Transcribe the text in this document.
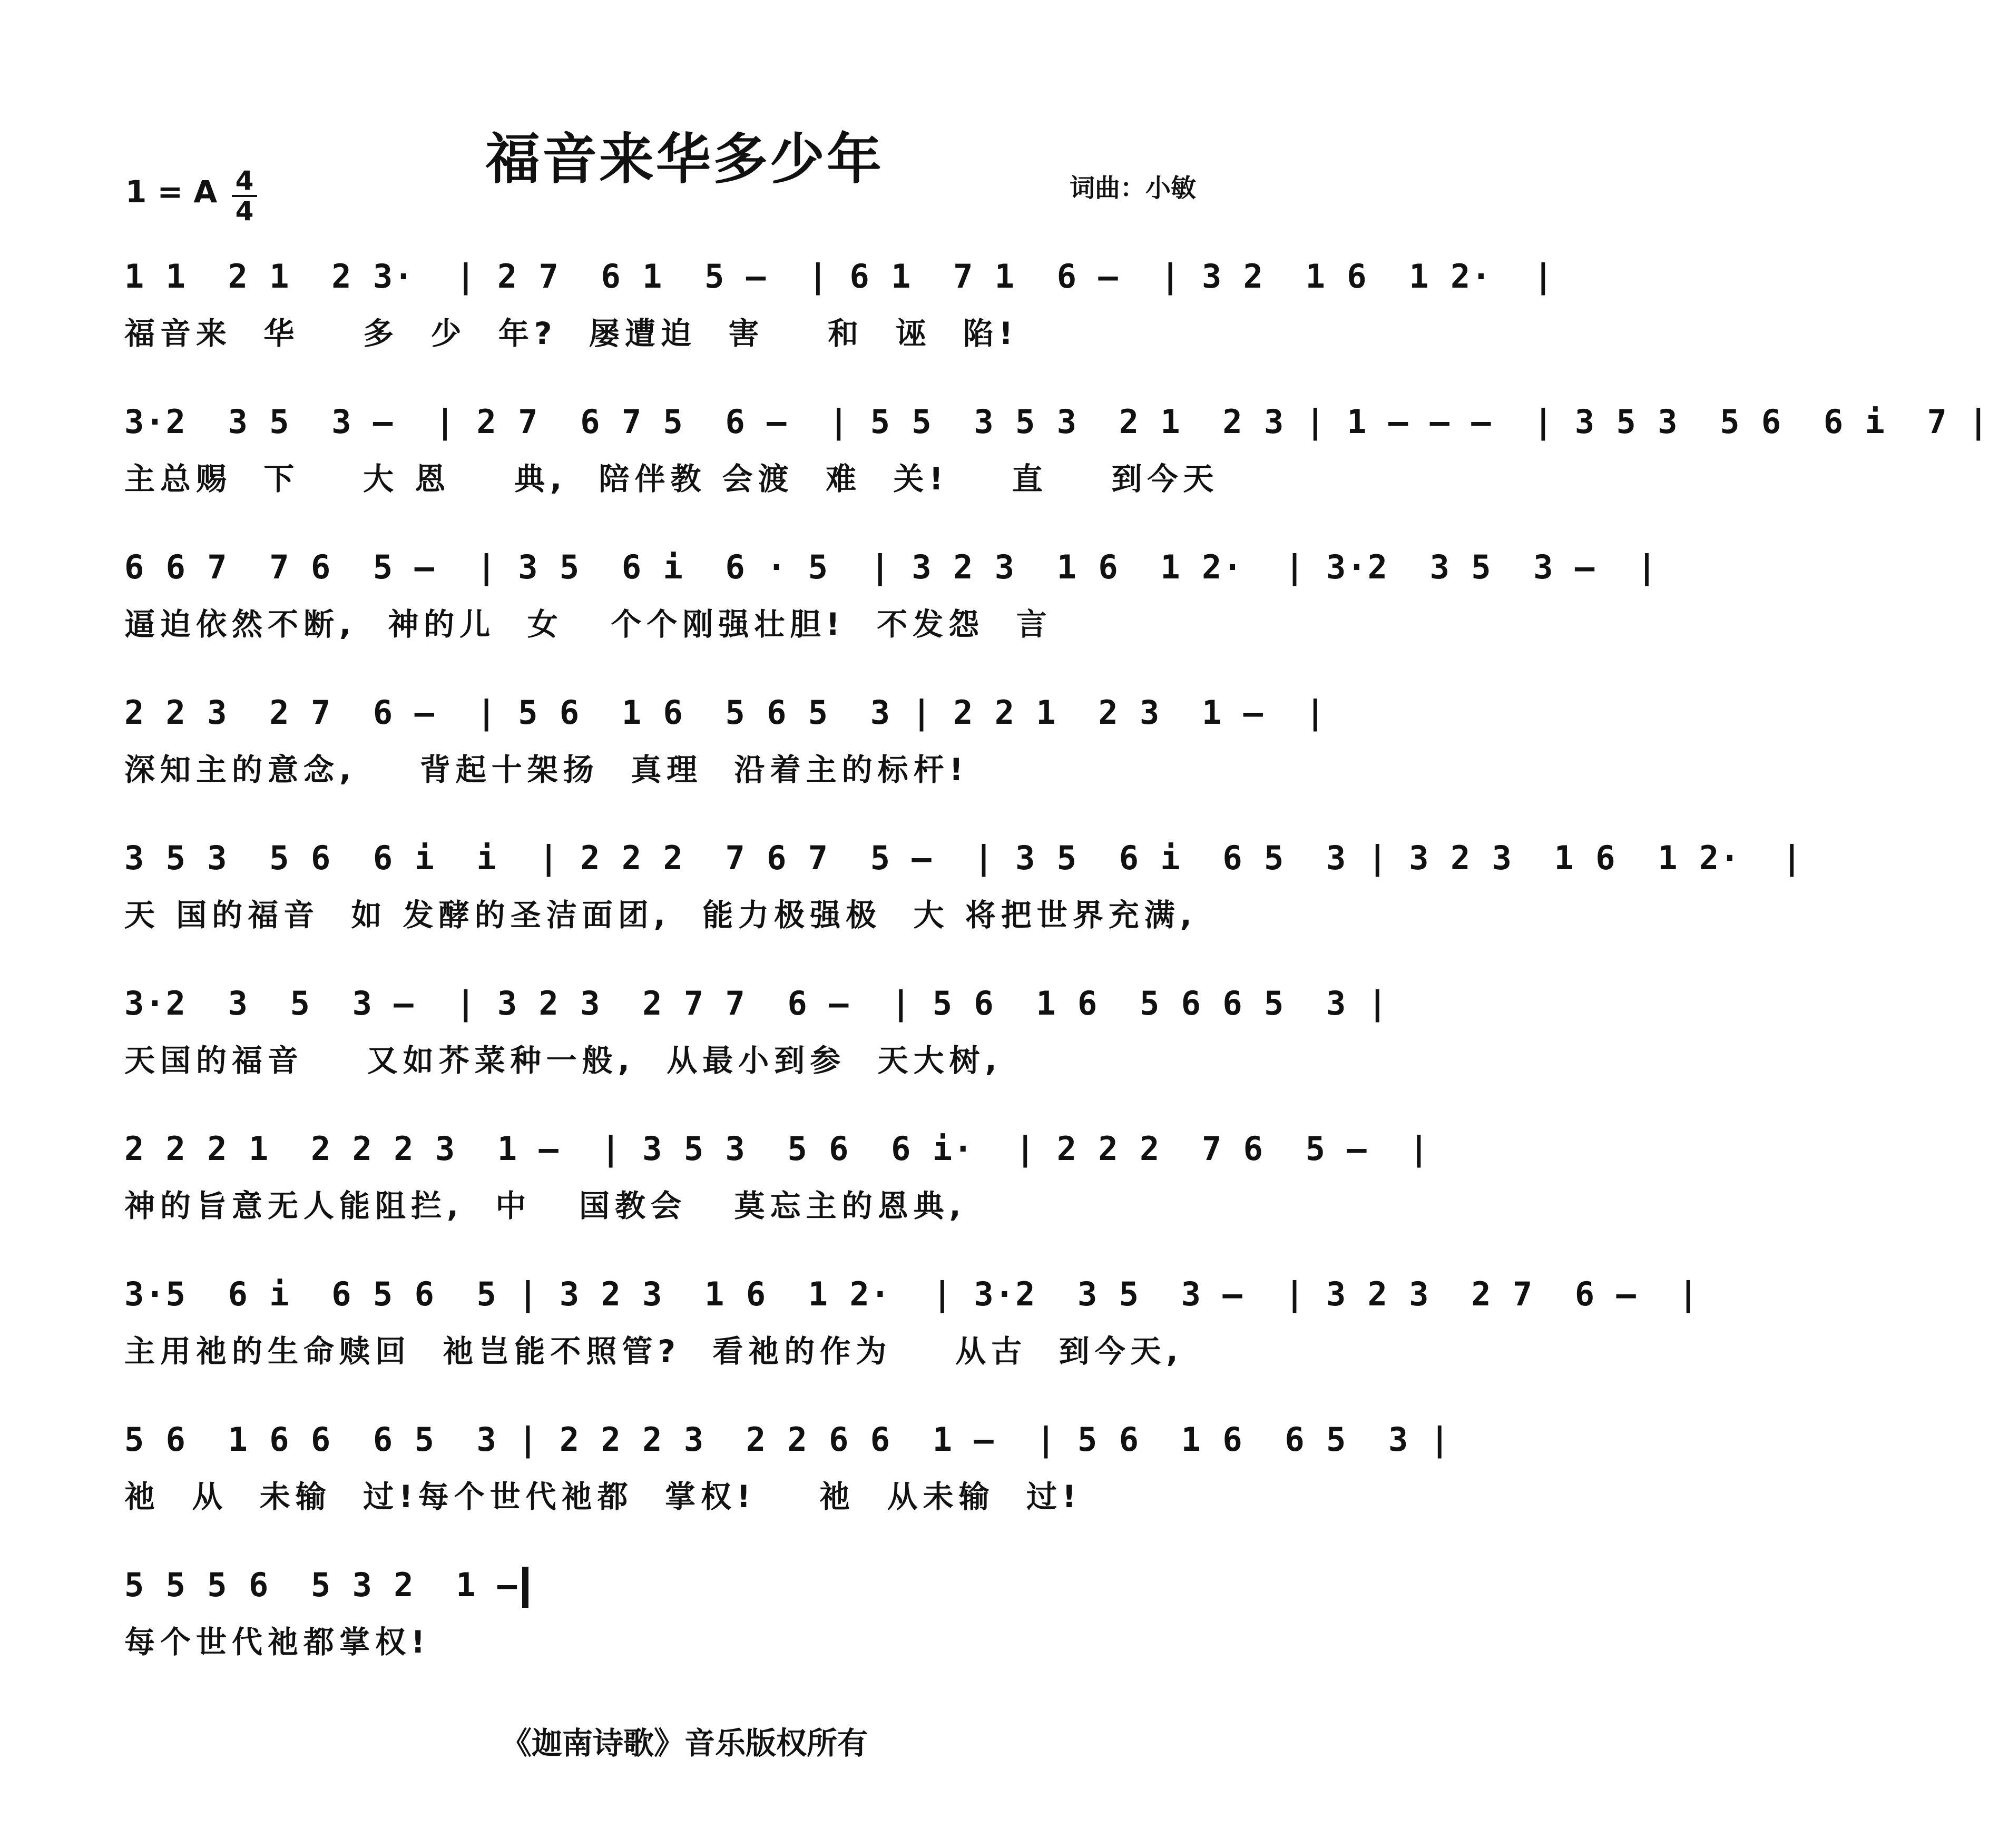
福音来华多少年
1 = A 4
4
词曲：小敏
1 1  2 1  2 3·  | 2 7  6 1  5 –  | 6 1  7 1  6 –  | 3 2  1 6  1 2·  |
福音来  华    多  少  年?  屡遭迫  害    和  诬  陷!
3·2  3 5  3 –  | 2 7  6 7 5  6 –  | 5 5  3 5 3  2 1  2 3 | 1 – – –  | 3 5 3  5 6  6 i  7 |
主总赐  下    大 恩    典,  陪伴教 会渡  难  关!    直    到今天
6 6 7  7 6  5 –  | 3 5  6 i  6 · 5  | 3 2 3  1 6  1 2·  | 3·2  3 5  3 –  |
逼迫依然不断,  神的儿  女   个个刚强壮胆!  不发怨  言
2 2 3  2 7  6 –  | 5 6  1 6  5 6 5  3 | 2 2 1  2 3  1 –  |
深知主的意念,    背起十架扬  真理  沿着主的标杆!
3 5 3  5 6  6 i  i  | 2 2 2  7 6 7  5 –  | 3 5  6 i  6 5  3 | 3 2 3  1 6  1 2·  |
天 国的福音  如 发酵的圣洁面团,  能力极强极  大 将把世界充满,
3·2  3  5  3 –  | 3 2 3  2 7 7  6 –  | 5 6  1 6  5 6 6 5  3 |
天国的福音    又如芥菜种一般,  从最小到参  天大树,
2 2 2 1  2 2 2 3  1 –  | 3 5 3  5 6  6 i·  | 2 2 2  7 6  5 –  |
神的旨意无人能阻拦,  中   国教会   莫忘主的恩典,
3·5  6 i  6 5 6  5 | 3 2 3  1 6  1 2·  | 3·2  3 5  3 –  | 3 2 3  2 7  6 –  |
主用祂的生命赎回  祂岂能不照管?  看祂的作为    从古  到今天,
5 6  1 6 6  6 5  3 | 2 2 2 3  2 2 6 6  1 –  | 5 6  1 6  6 5  3 |
祂  从  未输  过!每个世代祂都  掌权!    祂  从未输  过!
5 5 5 6  5 3 2  1 –
每个世代祂都掌权!
《迦南诗歌》音乐版权所有
